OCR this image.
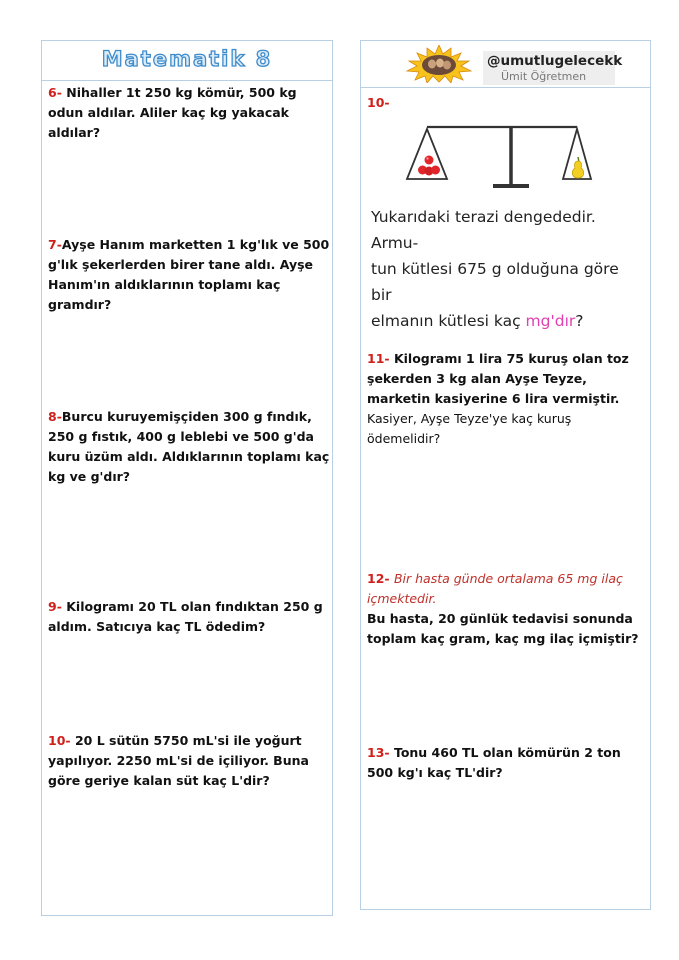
Matematik 8
6- Nihaller 1t 250 kg kömür, 500 kg odun aldılar. Aliler kaç kg yakacak aldılar?
7-Ayşe Hanım marketten 1 kg'lık ve 500 g'lık şekerlerden birer tane aldı. Ayşe Hanım'ın aldıklarının toplamı kaç gramdır?
8-Burcu kuruyemişçiden 300 g fındık, 250 g fıstık, 400 g leblebi ve 500 g'da kuru üzüm aldı. Aldıklarının toplamı kaç kg ve g'dır?
9- Kilogramı 20 TL olan fındıktan 250 g aldım. Satıcıya kaç TL ödedim?
10- 20 L sütün 5750 mL'si ile yoğurt yapılıyor. 2250 mL'si de içiliyor. Buna göre geriye kalan süt kaç L'dir?
@umutlugelecekk
Ümit Öğretmen
10-
Yukarıdaki terazi dengededir. Armu-
tun kütlesi 675 g olduğuna göre bir
elmanın kütlesi kaç mg'dır?
11- Kilogramı 1 lira 75 kuruş olan toz şekerden 3 kg alan Ayşe Teyze, marketin kasiyerine 6 lira vermiştir.
Kasiyer, Ayşe Teyze'ye kaç kuruş ödemelidir?
12- Bir hasta günde ortalama 65 mg ilaç içmektedir.
Bu hasta, 20 günlük tedavisi sonunda toplam kaç gram, kaç mg ilaç içmiştir?
13- Tonu 460 TL olan kömürün 2 ton 500 kg'ı kaç TL'dir?
